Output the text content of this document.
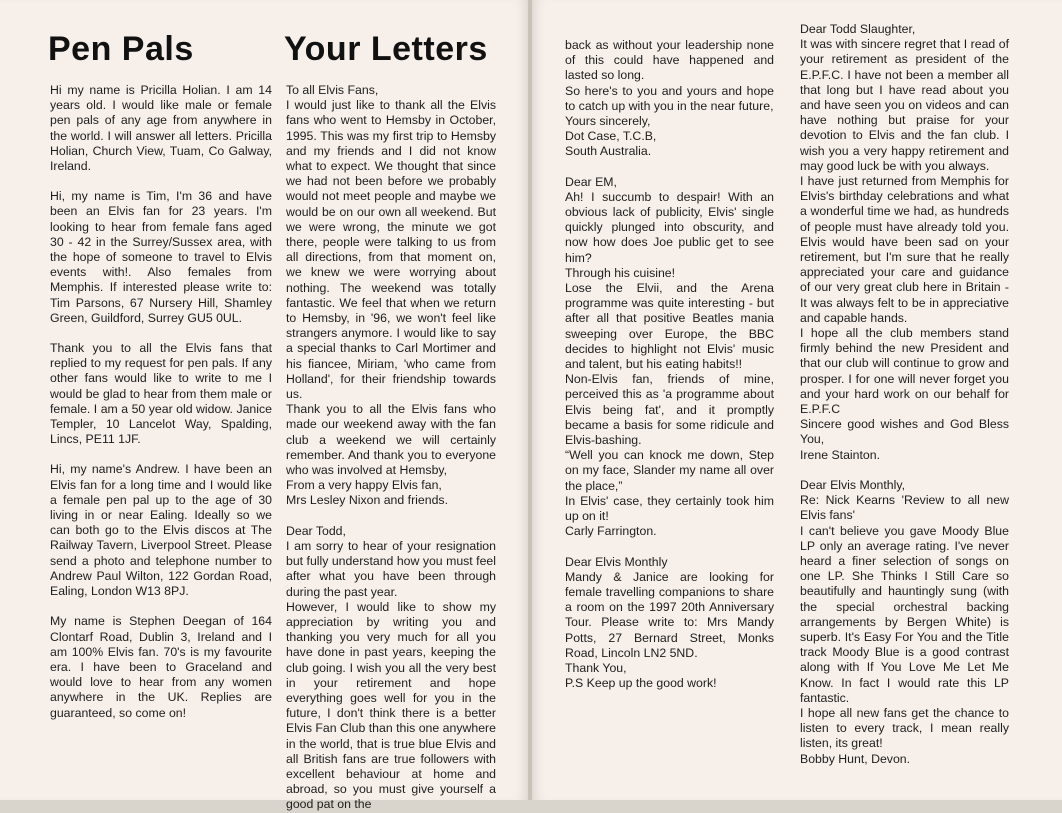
Pen Pals	Your Letters

Hi my name is Pricilla Holian. I am 14 years old. I would like male or female pen pals of any age from anywhere in the world. I will answer all letters. Pricilla Holian, Church View, Tuam, Co Galway, Ireland.

Hi, my name is Tim, I'm 36 and have been an Elvis fan for 23 years. I'm looking to hear from female fans aged 30 - 42 in the Surrey/Sussex area, with the hope of someone to travel to Elvis events with!. Also females from Memphis. If interested please write to: Tim Parsons, 67 Nursery Hill, Shamley Green, Guildford, Surrey GU5 0UL.

Thank you to all the Elvis fans that replied to my request for pen pals. If any other fans would like to write to me I would be glad to hear from them male or female. I am a 50 year old widow. Janice Templer, 10 Lancelot Way, Spalding, Lincs, PE11 1JF.

Hi, my name's Andrew. I have been an Elvis fan for a long time and I would like a female pen pal up to the age of 30 living in or near Ealing. Ideally so we can both go to the Elvis discos at The Railway Tavern, Liverpool Street. Please send a photo and telephone number to Andrew Paul Wilton, 122 Gordan Road, Ealing, London W13 8PJ.

My name is Stephen Deegan of 164 Clontarf Road, Dublin 3, Ireland and I am 100% Elvis fan. 70's is my favourite era. I have been to Graceland and would love to hear from any women anywhere in the UK. Replies are guaranteed, so come on!

To all Elvis Fans,

I would just like to thank all the Elvis fans who went to Hemsby in October, 1995. This was my first trip to Hemsby and my friends and I did not know what to expect. We thought that since we had not been before we probably would not meet people and maybe we would be on our own all weekend. But we were wrong, the minute we got there, people were talking to us from all directions, from that moment on, we knew we were worrying about nothing. The weekend was totally fantastic. We feel that when we return to Hemsby, in '96, we won't feel like strangers anymore. I would like to say a special thanks to Carl Mortimer and his fiancee, Miriam, 'who came from Holland', for their friendship towards us.

Thank you to all the Elvis fans who made our weekend away with the fan club a weekend we will certainly remember. And thank you to everyone who was involved at Hemsby,

From a very happy Elvis fan,

Mrs Lesley Nixon and friends.

Dear Todd,

I am sorry to hear of your resignation but fully understand how you must feel after what you have been through during the past year.

However, I would like to show my appreciation by writing you and thanking you very much for all you have done in past years, keeping the club going. I wish you all the very best in your retirement and hope everything goes well for you in the future, I don't think there is a better Elvis Fan Club than this one anywhere in the world, that is true blue Elvis and all British fans are true followers with excellent behaviour at home and abroad, so you must give yourself a good pat on the

back as without your leadership none of this could have happened and lasted so long.

So here's to you and yours and hope to catch up with you in the near future,

Yours sincerely,

Dot Case, T.C.B,

South Australia.

Dear EM,

Ah! I succumb to despair! With an obvious lack of publicity, Elvis' single quickly plunged into obscurity, and now how does Joe public get to see him?

Through his cuisine!

Lose the Elvii, and the Arena programme was quite interesting - but after all that positive Beatles mania sweeping over Europe, the BBC decides to highlight not Elvis' music and talent, but his eating habits!!

Non-Elvis fan, friends of mine, perceived this as 'a programme about Elvis being fat', and it promptly became a basis for some ridicule and Elvis-bashing.

“Well you can knock me down, Step on my face, Slander my name all over the place,”

In Elvis' case, they certainly took him up on it!

Carly Farrington.

Dear Elvis Monthly

Mandy & Janice are looking for female travelling companions to share a room on the 1997 20th Anniversary Tour. Please write to: Mrs Mandy Potts, 27 Bernard Street, Monks Road, Lincoln LN2 5ND.

Thank You,

P.S Keep up the good work!

Dear Todd Slaughter,

It was with sincere regret that I read of your retirement as president of the E.P.F.C. I have not been a member all that long but I have read about you and have seen you on videos and can have nothing but praise for your devotion to Elvis and the fan club. I wish you a very happy retirement and may good luck be with you always.

I have just returned from Memphis for Elvis's birthday celebrations and what a wonderful time we had, as hundreds of people must have already told you. Elvis would have been sad on your retirement, but I'm sure that he really appreciated your care and guidance of our very great club here in Britain - It was always felt to be in appreciative and capable hands.

I hope all the club members stand firmly behind the new President and that our club will continue to grow and prosper. I for one will never forget you and your hard work on our behalf for E.P.F.C

Sincere good wishes and God Bless You,

Irene Stainton.

Dear Elvis Monthly,

Re: Nick Kearns 'Review to all new Elvis fans'

I can't believe you gave Moody Blue LP only an average rating. I've never heard a finer selection of songs on one LP. She Thinks I Still Care so beautifully and hauntingly sung (with the special orchestral backing arrangements by Bergen White) is superb. It's Easy For You and the Title track Moody Blue is a good contrast along with If You Love Me Let Me Know. In fact I would rate this LP fantastic.

I hope all new fans get the chance to listen to every track, I mean really listen, its great!

Bobby Hunt, Devon.
